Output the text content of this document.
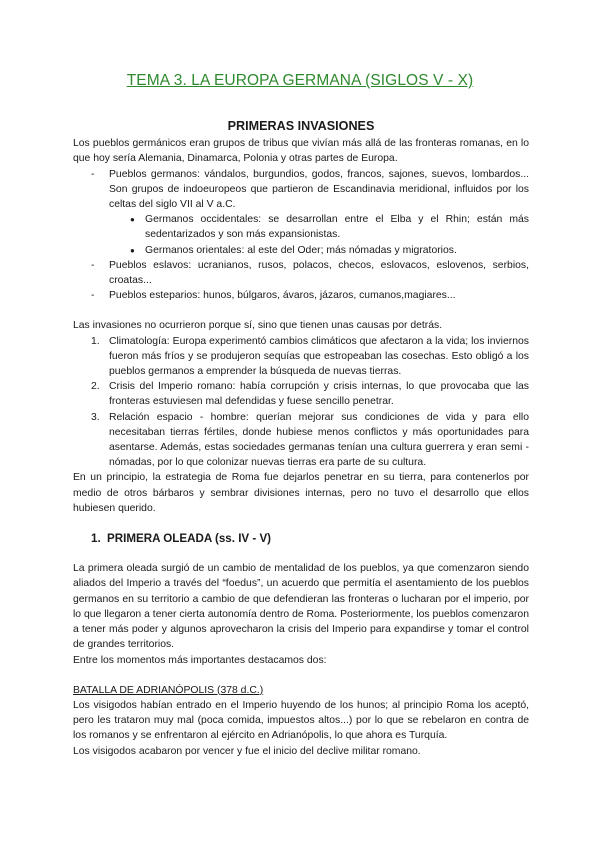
TEMA 3. LA EUROPA GERMANA (SIGLOS V - X)
PRIMERAS INVASIONES

Los pueblos germánicos eran grupos de tribus que vivían más allá de las fronteras romanas, en lo que hoy sería Alemania, Dinamarca, Polonia y otras partes de Europa.

- Pueblos germanos: vándalos, burgundios, godos, francos, sajones, suevos, lombardos... Son grupos de indoeuropeos que partieron de Escandinavia meridional, influidos por los celtas del siglo VII al V a.C.
● Germanos occidentales: se desarrollan entre el Elba y el Rhin; están más sedentarizados y son más expansionistas.
● Germanos orientales: al este del Oder; más nómadas y migratorios.
- Pueblos eslavos: ucranianos, rusos, polacos, checos, eslovacos, eslovenos, serbios, croatas...
- Pueblos esteparios: hunos, búlgaros, ávaros, jázaros, cumanos,magiares...

Las invasiones no ocurrieron porque sí, sino que tienen unas causas por detrás.

1. Climatología: Europa experimentó cambios climáticos que afectaron a la vida; los inviernos fueron más fríos y se produjeron sequías que estropeaban las cosechas. Esto obligó a los pueblos germanos a emprender la búsqueda de nuevas tierras.
2. Crisis del Imperio romano: había corrupción y crisis internas, lo que provocaba que las fronteras estuviesen mal defendidas y fuese sencillo penetrar.
3. Relación espacio - hombre: querían mejorar sus condiciones de vida y para ello necesitaban tierras fértiles, donde hubiese menos conflictos y más oportunidades para asentarse. Además, estas sociedades germanas tenían una cultura guerrera y eran semi - nómadas, por lo que colonizar nuevas tierras era parte de su cultura.

En un principio, la estrategia de Roma fue dejarlos penetrar en su tierra, para contenerlos por medio de otros bárbaros y sembrar divisiones internas, pero no tuvo el desarrollo que ellos hubiesen querido.

1. PRIMERA OLEADA (ss. IV - V)

La primera oleada surgió de un cambio de mentalidad de los pueblos, ya que comenzaron siendo aliados del Imperio a través del “foedus”, un acuerdo que permitía el asentamiento de los pueblos germanos en su territorio a cambio de que defendieran las fronteras o lucharan por el imperio, por lo que llegaron a tener cierta autonomía dentro de Roma. Posteriormente, los pueblos comenzaron a tener más poder y algunos aprovecharon la crisis del Imperio para expandirse y tomar el control de grandes territorios.

Entre los momentos más importantes destacamos dos:

BATALLA DE ADRIANÓPOLIS (378 d.C.)

Los visigodos habían entrado en el Imperio huyendo de los hunos; al principio Roma los aceptó, pero les trataron muy mal (poca comida, impuestos altos...) por lo que se rebelaron en contra de los romanos y se enfrentaron al ejército en Adrianópolis, lo que ahora es Turquía.

Los visigodos acabaron por vencer y fue el inicio del declive militar romano.
